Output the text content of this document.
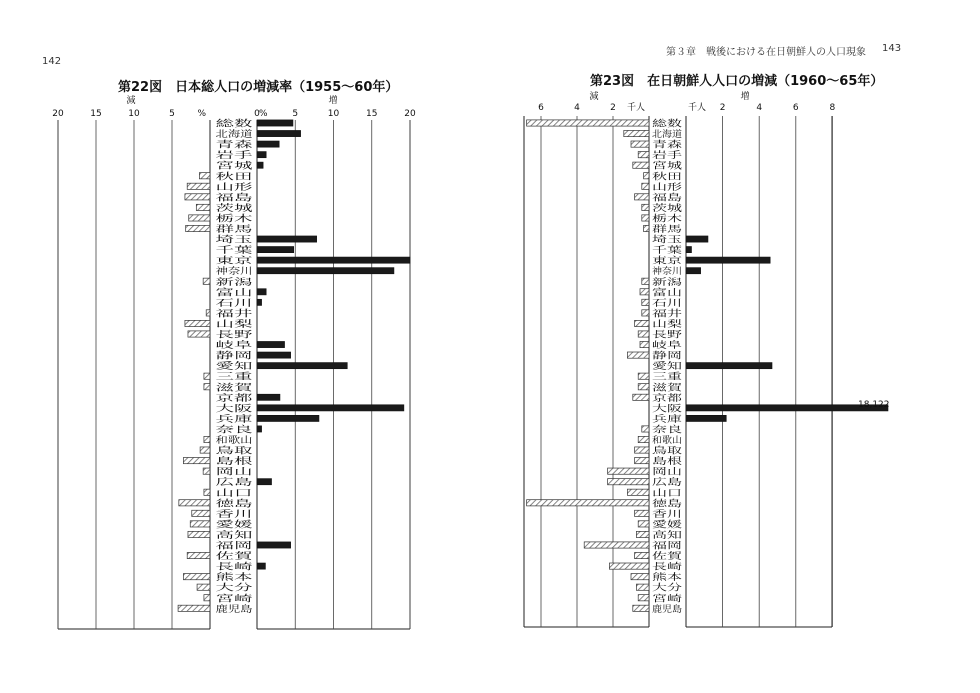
142
第３章　戦後における在日朝鮮人の人口現象 143
第22図　日本総人口の増減率（1955〜60年）	第23図　在日朝鮮人人口の増減（1960〜65年）
20	15	10	5	0	5	10	15	20
減	増
%	%
総数
北海道
青森
岩手
宮城
秋田
山形
福島
茨城
栃木
群馬
埼玉
千葉
東京
神奈川
新潟
富山
石川
福井
山梨
長野
岐阜
静岡
愛知
三重
滋賀
京都
大阪
兵庫
奈良
和歌山
鳥取
島根
岡山
広島
山口
徳島
香川
愛媛
高知
福岡
佐賀
長崎
熊本
大分
宮崎
鹿児島
6	4	2	2	4	6	8
減	増
千人	千人
総数
北海道
青森
岩手
宮城
秋田
山形
福島
茨城
栃木
群馬
埼玉
千葉
東京
神奈川
新潟
富山
石川
福井
山梨
長野
岐阜
静岡
愛知
三重
滋賀
京都
大阪
兵庫
奈良
和歌山
鳥取
島根
岡山
広島
山口
徳島
香川
愛媛
高知
福岡
佐賀
長崎
熊本
大分
宮崎
鹿児島
18,122
